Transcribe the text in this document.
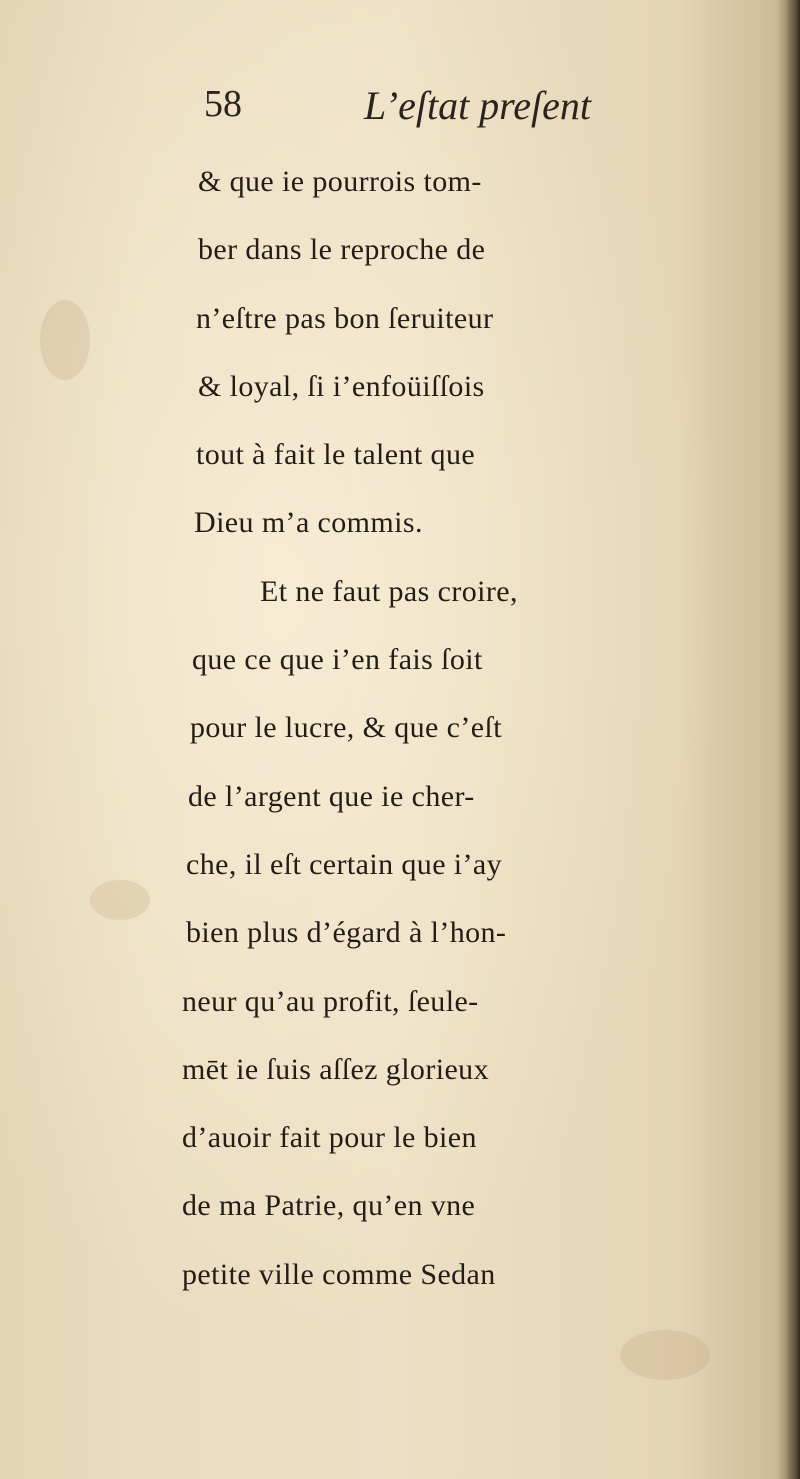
58	L’eſtat preſent
& que ie pourrois tom-
ber dans le reproche de
n’eſtre pas bon ſeruiteur
& loyal, ſi i’enfoüiſſois
tout à fait le talent que
Dieu m’a commis.
Et ne faut pas croire,
que ce que i’en fais ſoit
pour le lucre, & que c’eſt
de l’argent que ie cher-
che, il eſt certain que i’ay
bien plus d’égard à l’hon-
neur qu’au profit, ſeule-
mēt ie ſuis aſſez glorieux
d’auoir fait pour le bien
de ma Patrie, qu’en vne
petite ville comme Sedan
